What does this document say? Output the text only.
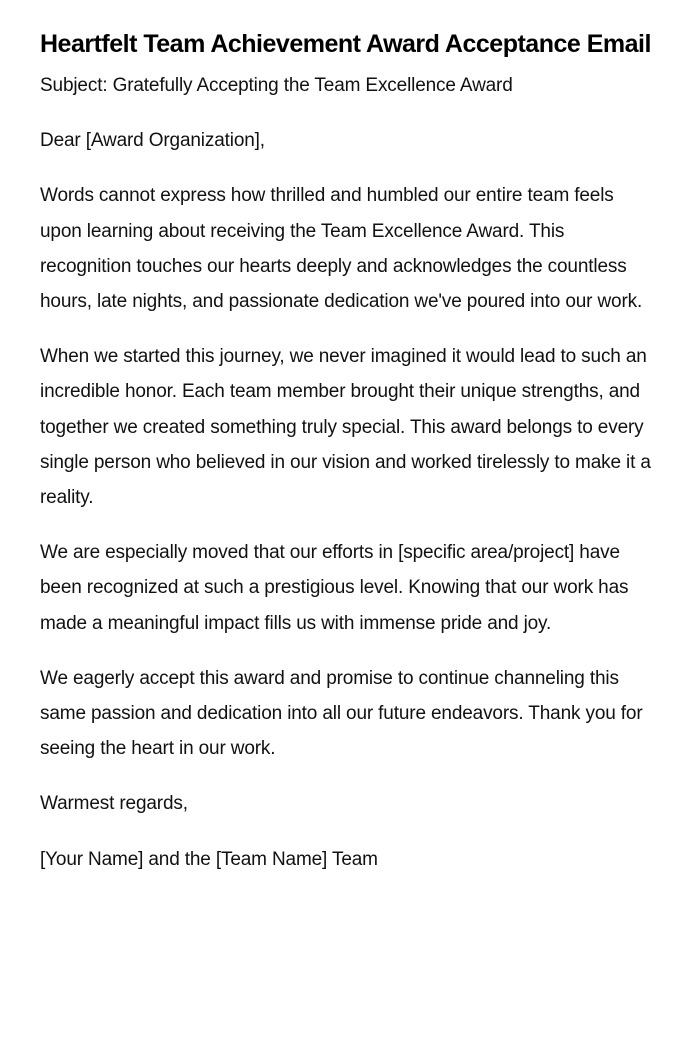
Heartfelt Team Achievement Award Acceptance Email

Subject: Gratefully Accepting the Team Excellence Award

Dear [Award Organization],

Words cannot express how thrilled and humbled our entire team feels upon learning about receiving the Team Excellence Award. This recognition touches our hearts deeply and acknowledges the countless hours, late nights, and passionate dedication we've poured into our work.

When we started this journey, we never imagined it would lead to such an incredible honor. Each team member brought their unique strengths, and together we created something truly special. This award belongs to every single person who believed in our vision and worked tirelessly to make it a reality.

We are especially moved that our efforts in [specific area/project] have been recognized at such a prestigious level. Knowing that our work has made a meaningful impact fills us with immense pride and joy.

We eagerly accept this award and promise to continue channeling this same passion and dedication into all our future endeavors. Thank you for seeing the heart in our work.

Warmest regards,

[Your Name] and the [Team Name] Team
